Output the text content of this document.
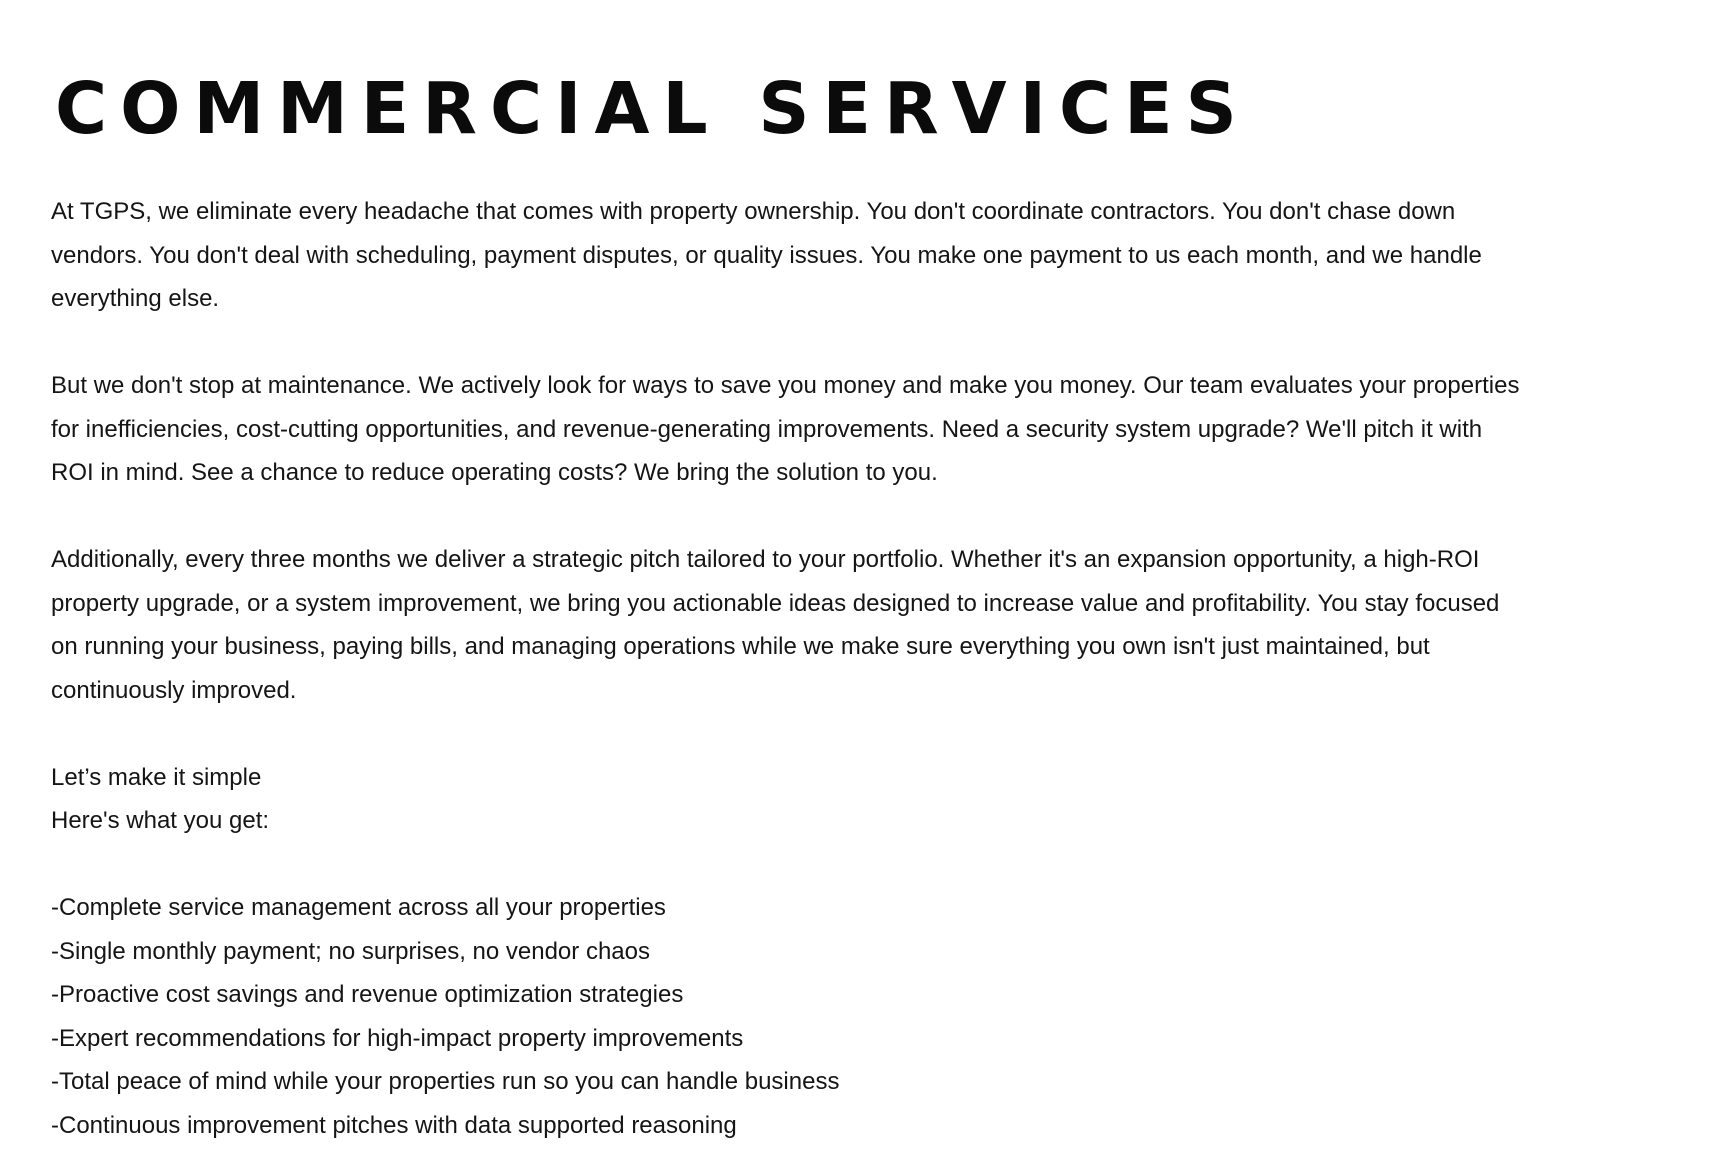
COMMERCIAL SERVICES

At TGPS, we eliminate every headache that comes with property ownership. You don't coordinate contractors. You don't chase down
vendors. You don't deal with scheduling, payment disputes, or quality issues. You make one payment to us each month, and we handle
everything else.

But we don't stop at maintenance. We actively look for ways to save you money and make you money. Our team evaluates your properties
for inefficiencies, cost-cutting opportunities, and revenue-generating improvements. Need a security system upgrade? We'll pitch it with
ROI in mind. See a chance to reduce operating costs? We bring the solution to you.

Additionally, every three months we deliver a strategic pitch tailored to your portfolio. Whether it's an expansion opportunity, a high-ROI
property upgrade, or a system improvement, we bring you actionable ideas designed to increase value and profitability. You stay focused
on running your business, paying bills, and managing operations while we make sure everything you own isn't just maintained, but
continuously improved.

Let’s make it simple
Here's what you get:

-Complete service management across all your properties
-Single monthly payment; no surprises, no vendor chaos
-Proactive cost savings and revenue optimization strategies
-Expert recommendations for high-impact property improvements
-Total peace of mind while your properties run so you can handle business
-Continuous improvement pitches with data supported reasoning
